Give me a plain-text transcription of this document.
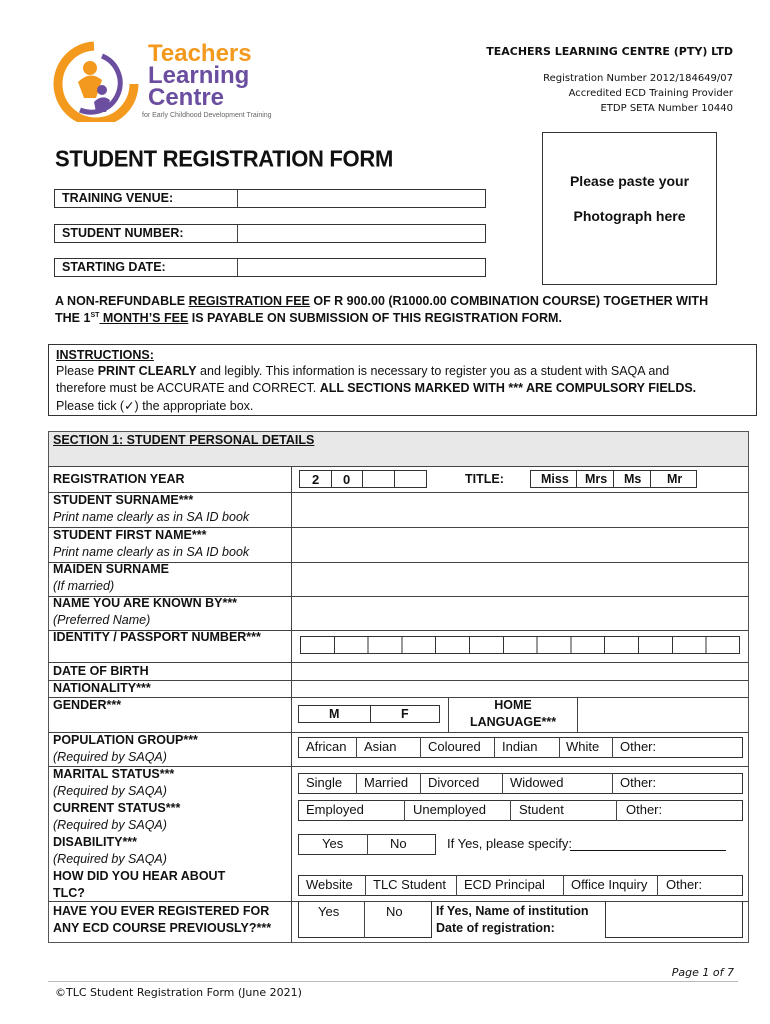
Teachers
Learning
Centre
for Early Childhood Development Training
TEACHERS LEARNING CENTRE (PTY) LTD
Registration Number 2012/184649/07
Accredited ECD Training Provider
ETDP SETA Number 10440
STUDENT REGISTRATION FORM
Please paste your
Photograph here
TRAINING VENUE:
STUDENT NUMBER:
STARTING DATE:
A NON-REFUNDABLE REGISTRATION FEE OF R 900.00 (R1000.00 COMBINATION COURSE) TOGETHER WITH
THE 1ST MONTH’S FEE IS PAYABLE ON SUBMISSION OF THIS REGISTRATION FORM.
INSTRUCTIONS:
Please PRINT CLEARLY and legibly. This information is necessary to register you as a student with SAQA and
therefore must be ACCURATE and CORRECT. ALL SECTIONS MARKED WITH *** ARE COMPULSORY FIELDS.
Please tick (✓) the appropriate box.
SECTION 1: STUDENT PERSONAL DETAILS
REGISTRATION YEAR	2 0	TITLE:	Miss Mrs Ms Mr
STUDENT SURNAME***
Print name clearly as in SA ID book
STUDENT FIRST NAME***
Print name clearly as in SA ID book
MAIDEN SURNAME
(If married)
NAME YOU ARE KNOWN BY***
(Preferred Name)
IDENTITY / PASSPORT NUMBER***
DATE OF BIRTH
NATIONALITY***
GENDER***
M	F
HOME
LANGUAGE***
POPULATION GROUP***
(Required by SAQA)
African Asian Coloured Indian White Other:
MARITAL STATUS***
(Required by SAQA)
Single Married Divorced Widowed	Other:
CURRENT STATUS***
(Required by SAQA)
Employed	Unemployed	Student	Other:
DISABILITY***
(Required by SAQA)
Yes	No	If Yes, please specify:
HOW DID YOU HEAR ABOUT
TLC?
Website TLC Student ECD Principal Office Inquiry Other:
HAVE YOU EVER REGISTERED FOR
ANY ECD COURSE PREVIOUSLY?***
Yes	No	If Yes, Name of institution
Date of registration:
Page 1 of 7
©TLC Student Registration Form (June 2021)
